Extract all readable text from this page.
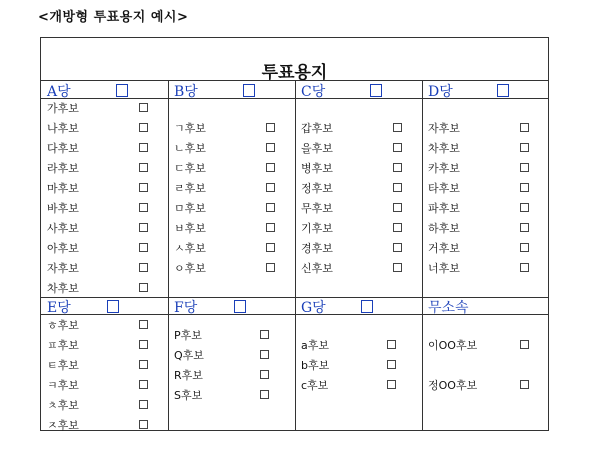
<개방형 투표용지 예시>
투표용지
A당
가후보
나후보
다후보
라후보
마후보
바후보
사후보
아후보
자후보
차후보
B당
ㄱ후보
ㄴ후보
ㄷ후보
ㄹ후보
ㅁ후보
ㅂ후보
ㅅ후보
ㅇ후보
C당
갑후보
을후보
병후보
정후보
무후보
기후보
경후보
신후보
D당
자후보
차후보
카후보
타후보
파후보
하후보
거후보
너후보
E당
ㅎ후보
ㅍ후보
ㅌ후보
ㅋ후보
ㅊ후보
ㅈ후보
F당
P후보
Q후보
R후보
S후보
G당
a후보
b후보
c후보
무소속
이OO후보
정OO후보
